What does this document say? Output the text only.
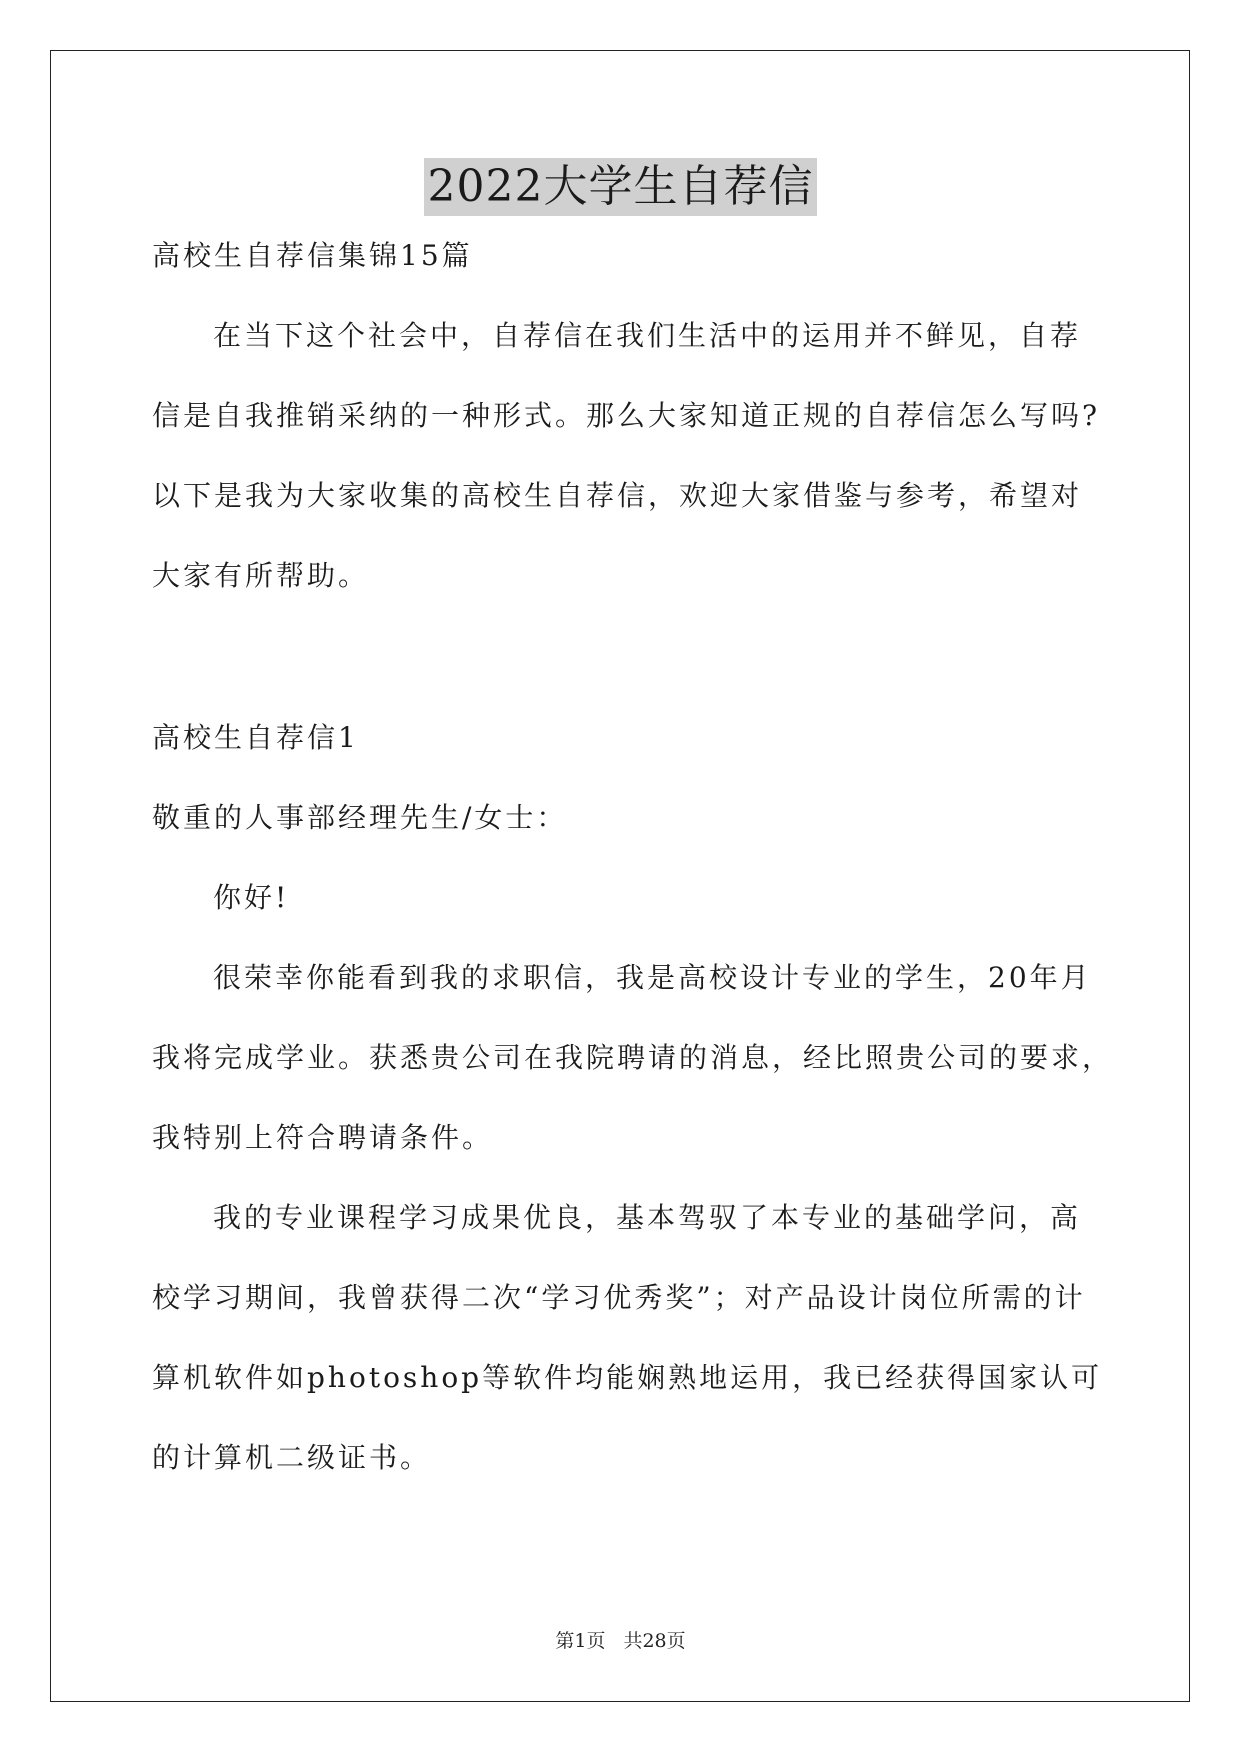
2022大学生自荐信
高校生自荐信集锦15篇
在当下这个社会中，自荐信在我们生活中的运用并不鲜见，自荐
信是自我推销采纳的一种形式。那么大家知道正规的自荐信怎么写吗?
以下是我为大家收集的高校生自荐信，欢迎大家借鉴与参考，希望对
大家有所帮助。
高校生自荐信1
敬重的人事部经理先生/女士：
你好!
很荣幸你能看到我的求职信，我是高校设计专业的学生，20年月
我将完成学业。获悉贵公司在我院聘请的消息，经比照贵公司的要求，
我特别上符合聘请条件。
我的专业课程学习成果优良，基本驾驭了本专业的基础学问，高
校学习期间，我曾获得二次“学习优秀奖”；对产品设计岗位所需的计
算机软件如photoshop等软件均能娴熟地运用，我已经获得国家认可
的计算机二级证书。
第1页 共28页
